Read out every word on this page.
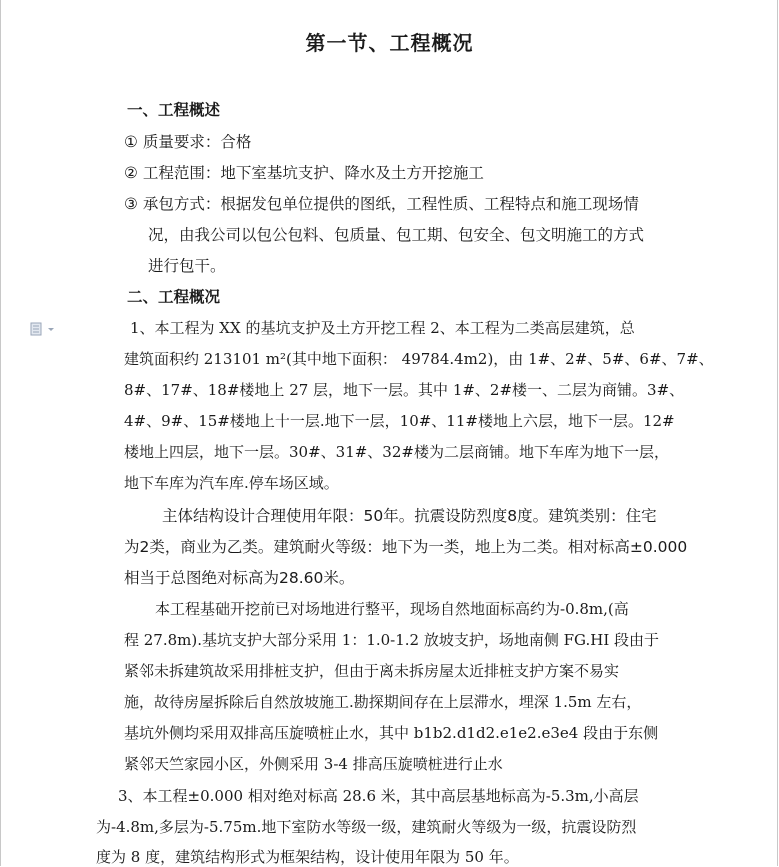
第一节、工程概况
一、工程概述
① 质量要求：合格
② 工程范围：地下室基坑支护、降水及土方开挖施工
③ 承包方式：根据发包单位提供的图纸，工程性质、工程特点和施工现场情
况，由我公司以包公包料、包质量、包工期、包安全、包文明施工的方式
进行包干。
二、工程概况
1、本工程为 XX 的基坑支护及土方开挖工程 2、本工程为二类高层建筑，总
建筑面积约 213101 m²(其中地下面积： 49784.4m2)，由 1#、2#、5#、6#、7#、
8#、17#、18#楼地上 27 层，地下一层。其中 1#、2#楼一、二层为商铺。3#、
4#、9#、15#楼地上十一层.地下一层，10#、11#楼地上六层，地下一层。12#
楼地上四层，地下一层。30#、31#、32#楼为二层商铺。地下车库为地下一层，
地下车库为汽车库.停车场区域。
主体结构设计合理使用年限：50年。抗震设防烈度8度。建筑类别：住宅
为2类，商业为乙类。建筑耐火等级：地下为一类，地上为二类。相对标高±0.000
相当于总图绝对标高为28.60米。
本工程基础开挖前已对场地进行整平，现场自然地面标高约为-0.8m,(高
程 27.8m).基坑支护大部分采用 1：1.0-1.2 放坡支护，场地南侧 FG.HI 段由于
紧邻未拆建筑故采用排桩支护，但由于离未拆房屋太近排桩支护方案不易实
施，故待房屋拆除后自然放坡施工.勘探期间存在上层滞水，埋深 1.5m 左右，
基坑外侧均采用双排高压旋喷桩止水，其中 b1b2.d1d2.e1e2.e3e4 段由于东侧
紧邻天竺家园小区，外侧采用 3-4 排高压旋喷桩进行止水
3、本工程±0.000 相对绝对标高 28.6 米，其中高层基地标高为-5.3m,小高层
为-4.8m,多层为-5.75m.地下室防水等级一级，建筑耐火等级为一级，抗震设防烈
度为 8 度，建筑结构形式为框架结构，设计使用年限为 50 年。
